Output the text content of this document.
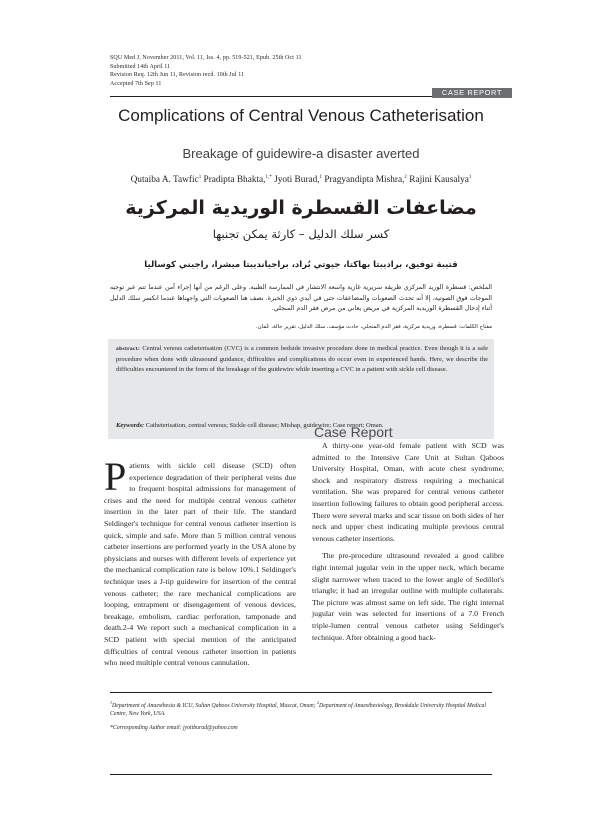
SQU Med J, November 2011, Vol. 11, Iss. 4, pp. 519-521, Epub. 25th Oct 11
Submitted 14th April 11
Revision Req. 12th Jun 11, Revision recd. 10th Jul 11
Accepted 7th Sep 11
CASE REPORT
Complications of Central Venous Catheterisation
Breakage of guidewire-a disaster averted
Qutaiba A. Tawfic$^1$ Pradipta Bhakta,$^{1,*}$ Jyoti Burad,$^1$ Pragyandipta Mishra,$^2$ Rajini Kausalya$^1$
مضاعفات القسطرة الوريدية المركزية
كسر سلك الدليل – كارثة يمكن تجنبها
قتيبة توفيق، براديبتا بهاكتا، جيوتي بُراد، براجيانديبتا ميشرا، راجيني كوساليا
الملخص: قسطرة الوريد المركزي طريقة سريرية غازية واسعة الانتشار في الممارسة الطبية. وعلى الرغم من أنها إجراء آمن عندما تتم عبر توجيه الموجات فوق الصوتية، إلا أنه تحدث الصعوبات والمضاعفات حتى في أيدي ذوي الخبرة. نصف هنا الصعوبات التي واجهناها عندما انكسر سلك الدليل أثناء إدخال القسطرة الوريدية المركزية في مريض يعاني من مرض فقر الدم المنجلي.
مفتاح الكلمات: قسطرة، وريدية مركزية، فقر الدم المنجلي، حادث مؤسف، سلك الدليل، تقرير حالة، عُمان.
abstract: Central venous catheterisation (CVC) is a common bedside invasive procedure done in medical practice. Even though it is a safe procedure when done with ultrasound guidance, difficulties and complications do occur even in experienced hands. Here, we describe the difficulties encountered in the form of the breakage of the guidewire while inserting a CVC in a patient with sickle cell disease.
Keywords: Catheterisation, central venous; Sickle cell disease; Mishap, guidewire; Case report; Oman.
Patients with sickle cell disease (SCD) often experience degradation of their peripheral veins due to frequent hospital admissions for management of crises and the need for multiple central venous catheter insertion in the later part of their life. The standard Seldinger's technique for central venous catheter insertion is quick, simple and safe. More than 5 million central venous catheter insertions are performed yearly in the USA alone by physicians and nurses with different levels of experience yet the mechanical complication rate is below 10%.1 Seldinger's technique uses a J-tip guidewire for insertion of the central venous catheter; the rare mechanical complications are looping, entrapment or disengagement of venous devices, breakage, embolism, cardiac perforation, tamponade and death.2-4 We report such a mechanical complication in a SCD patient with special mention of the anticipated difficulties of central venous catheter insertion in patients who need multiple central venous cannulation.
Case Report

A thirty-one year-old female patient with SCD was admitted to the Intensive Care Unit at Sultan Qaboos University Hospital, Oman, with acute chest syndrome, shock and respiratory distress requiring a mechanical ventilation. She was prepared for central venous catheter insertion following failures to obtain good peripheral access. There were several marks and scar tissue on both sides of her neck and upper chest indicating multiple previous central venous catheter insertions.

The pre-procedure ultrasound revealed a good calibre right internal jugular vein in the upper neck, which became slight narrower when traced to the lower angle of Sedillot's triangle; it had an irregular outline with multiple collaterals. The picture was almost same on left side. The right internal jugular vein was selected for insertions of a 7.0 French triple-lumen central venous catheter using Seldinger's technique. After obtaining a good back-

$^1$Department of Anaesthesia & ICU, Sultan Qaboos University Hospital, Muscat, Oman; $^2$Department of Anaesthesiology, Brookdale University Hospital Medical Centre, New York, USA.
*Corresponding Author email: jyotiburad@yahoo.com
